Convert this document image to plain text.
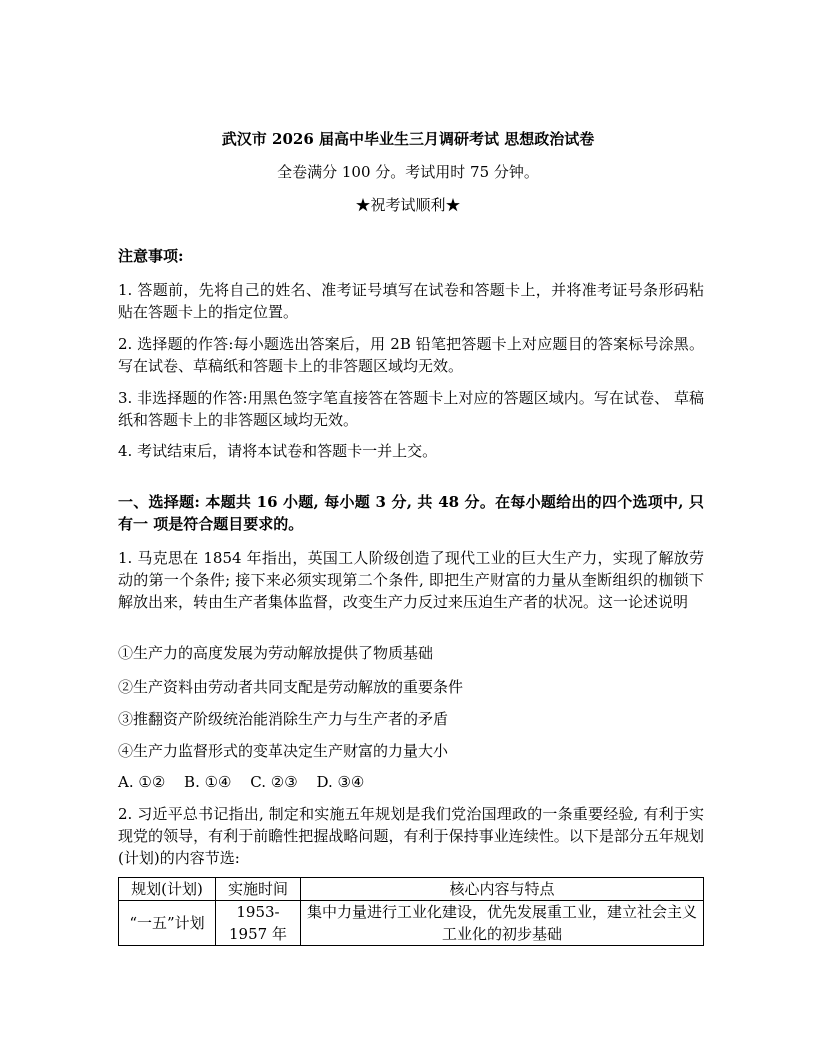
武汉市 2026 届高中毕业生三月调研考试 思想政治试卷
全卷满分 100 分。考试用时 75 分钟。
★祝考试顺利★
注意事项:
1. 答题前，先将自己的姓名、准考证号填写在试卷和答题卡上，并将准考证号条形码粘贴在答题卡上的指定位置。
2. 选择题的作答:每小题选出答案后，用 2B 铅笔把答题卡上对应题目的答案标号涂黑。写在试卷、草稿纸和答题卡上的非答题区域均无效。
3. 非选择题的作答:用黑色签字笔直接答在答题卡上对应的答题区域内。写在试卷、 草稿纸和答题卡上的非答题区域均无效。
4. 考试结束后，请将本试卷和答题卡一并上交。
一、选择题: 本题共 16 小题, 每小题 3 分, 共 48 分。在每小题给出的四个选项中, 只有一 项是符合题目要求的。
1. 马克思在 1854 年指出，英国工人阶级创造了现代工业的巨大生产力，实现了解放劳动的第一个条件; 接下来必须实现第二个条件, 即把生产财富的力量从奎断组织的枷锁下解放出来，转由生产者集体监督，改变生产力反过来压迫生产者的状况。这一论述说明
①生产力的高度发展为劳动解放提供了物质基础
②生产资料由劳动者共同支配是劳动解放的重要条件
③推翻资产阶级统治能消除生产力与生产者的矛盾
④生产力监督形式的变革决定生产财富的力量大小
A. ①② B. ①④ C. ②③ D. ③④
2. 习近平总书记指出, 制定和实施五年规划是我们党治国理政的一条重要经验, 有利于实现党的领导，有利于前瞻性把握战略问题，有利于保持事业连续性。以下是部分五年规划(计划)的内容节选:
规划(计划)	实施时间	核心内容与特点
“一五”计划	1953-1957 年	集中力量进行工业化建设，优先发展重工业，建立社会主义工业化的初步基础
